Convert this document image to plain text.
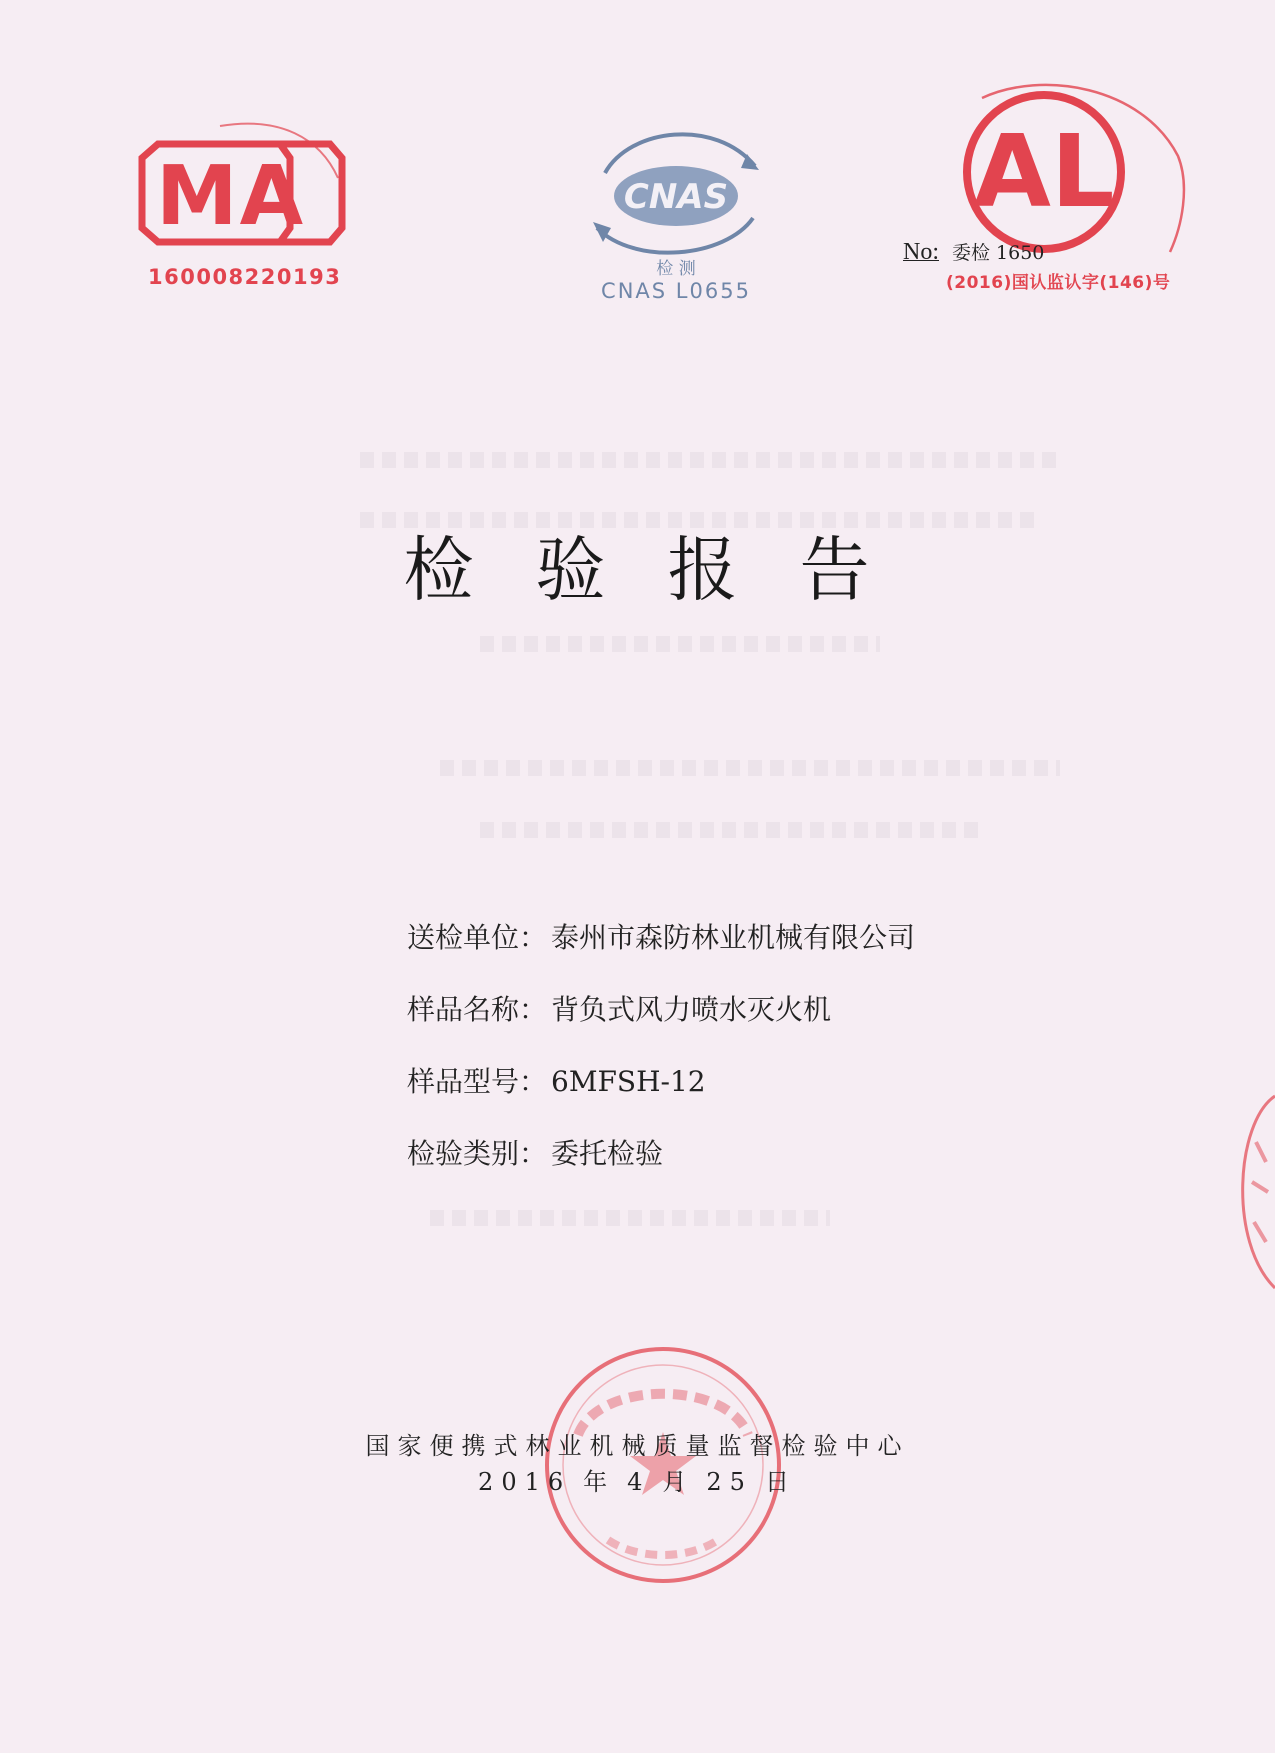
MA
160008220193
CNAS
检 测
CNAS L0655
AL
No: 委检 1650
(2016)国认监认字(146)号
检验报告
送检单位： 泰州市森防林业机械有限公司
样品名称： 背负式风力喷水灭火机
样品型号： 6MFSH-12
检验类别： 委托检验
国家便携式林业机械质量监督检验中心
2016 年 4 月 25 日
